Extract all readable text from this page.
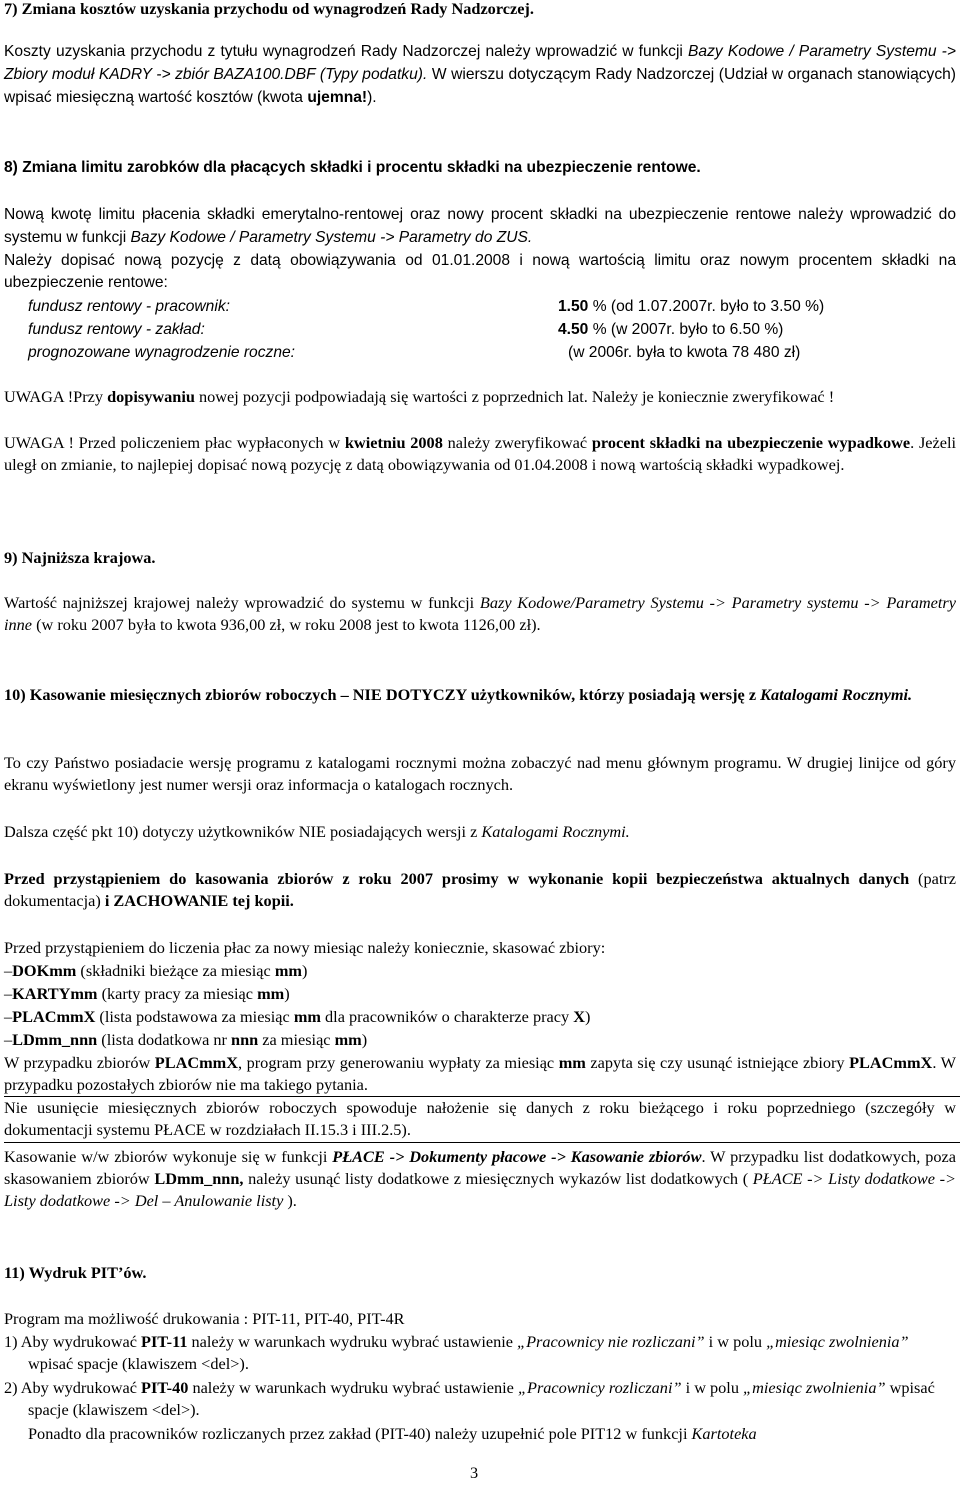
7) Zmiana kosztów uzyskania przychodu od wynagrodzeń Rady Nadzorczej.

Koszty uzyskania przychodu z tytułu wynagrodzeń Rady Nadzorczej należy wprowadzić w funkcji Bazy Kodowe / Parametry Systemu -> Zbiory moduł KADRY -> zbiór BAZA100.DBF (Typy podatku). W wierszu dotyczącym Rady Nadzorczej (Udział w organach stanowiących) wpisać miesięczną wartość kosztów (kwota ujemna!).

8) Zmiana limitu zarobków dla płacących składki i procentu składki na ubezpieczenie rentowe.

Nową kwotę limitu płacenia składki emerytalno-rentowej oraz nowy procent składki na ubezpieczenie rentowe należy wprowadzić do systemu w funkcji Bazy Kodowe / Parametry Systemu -> Parametry do ZUS.

Należy dopisać nową pozycję z datą obowiązywania od 01.01.2008 i nową wartością limitu oraz nowym procentem składki na ubezpieczenie rentowe:

fundusz rentowy - pracownik:	1.50 % (od 1.07.2007r. było to 3.50 %)
fundusz rentowy - zakład:	4.50 % (w 2007r. było to 6.50 %)
prognozowane wynagrodzenie roczne:	(w 2006r. była to kwota 78 480 zł)

UWAGA !Przy dopisywaniu nowej pozycji podpowiadają się wartości z poprzednich lat. Należy je koniecznie zweryfikować !

UWAGA ! Przed policzeniem płac wypłaconych w kwietniu 2008 należy zweryfikować procent składki na ubezpieczenie wypadkowe. Jeżeli uległ on zmianie, to najlepiej dopisać nową pozycję z datą obowiązywania od 01.04.2008 i nową wartością składki wypadkowej.

9) Najniższa krajowa.

Wartość najniższej krajowej należy wprowadzić do systemu w funkcji Bazy Kodowe/Parametry Systemu -> Parametry systemu -> Parametry inne (w roku 2007 była to kwota 936,00 zł, w roku 2008 jest to kwota 1126,00 zł).

10) Kasowanie miesięcznych zbiorów roboczych – NIE DOTYCZY użytkowników, którzy posiadają wersję z Katalogami Rocznymi.

To czy Państwo posiadacie wersję programu z katalogami rocznymi można zobaczyć nad menu głównym programu. W drugiej linijce od góry ekranu wyświetlony jest numer wersji oraz informacja o katalogach rocznych.

Dalsza część pkt 10) dotyczy użytkowników NIE posiadających wersji z Katalogami Rocznymi.

Przed przystąpieniem do kasowania zbiorów z roku 2007 prosimy w wykonanie kopii bezpieczeństwa aktualnych danych (patrz dokumentacja) i ZACHOWANIE tej kopii.

Przed przystąpieniem do liczenia płac za nowy miesiąc należy koniecznie, skasować zbiory:

–DOKmm (składniki bieżące za miesiąc mm)

–KARTYmm (karty pracy za miesiąc mm)

–PLACmmX (lista podstawowa za miesiąc mm dla pracowników o charakterze pracy X)

–LDmm_nnn (lista dodatkowa nr nnn za miesiąc mm)

W przypadku zbiorów PLACmmX, program przy generowaniu wypłaty za miesiąc mm zapyta się czy usunąć istniejące zbiory PLACmmX. W przypadku pozostałych zbiorów nie ma takiego pytania.

Nie usunięcie miesięcznych zbiorów roboczych spowoduje nałożenie się danych z roku bieżącego i roku poprzedniego (szczegóły w dokumentacji systemu PŁACE w rozdziałach II.15.3 i III.2.5).

Kasowanie w/w zbiorów wykonuje się w funkcji PŁACE -> Dokumenty płacowe -> Kasowanie zbiorów. W przypadku list dodatkowych, poza skasowaniem zbiorów LDmm_nnn, należy usunąć listy dodatkowe z miesięcznych wykazów list dodatkowych ( PŁACE -> Listy dodatkowe -> Listy dodatkowe -> Del – Anulowanie listy ).

11) Wydruk PIT’ów.

Program ma możliwość drukowania : PIT-11, PIT-40, PIT-4R

1) Aby wydrukować PIT-11 należy w warunkach wydruku wybrać ustawienie „Pracownicy nie rozliczani” i w polu „miesiąc zwolnienia” wpisać spacje (klawiszem <del>).

2) Aby wydrukować PIT-40 należy w warunkach wydruku wybrać ustawienie „Pracownicy rozliczani” i w polu „miesiąc zwolnienia” wpisać spacje (klawiszem <del>).

Ponadto dla pracowników rozliczanych przez zakład (PIT-40) należy uzupełnić pole PIT12 w funkcji Kartoteka

3
